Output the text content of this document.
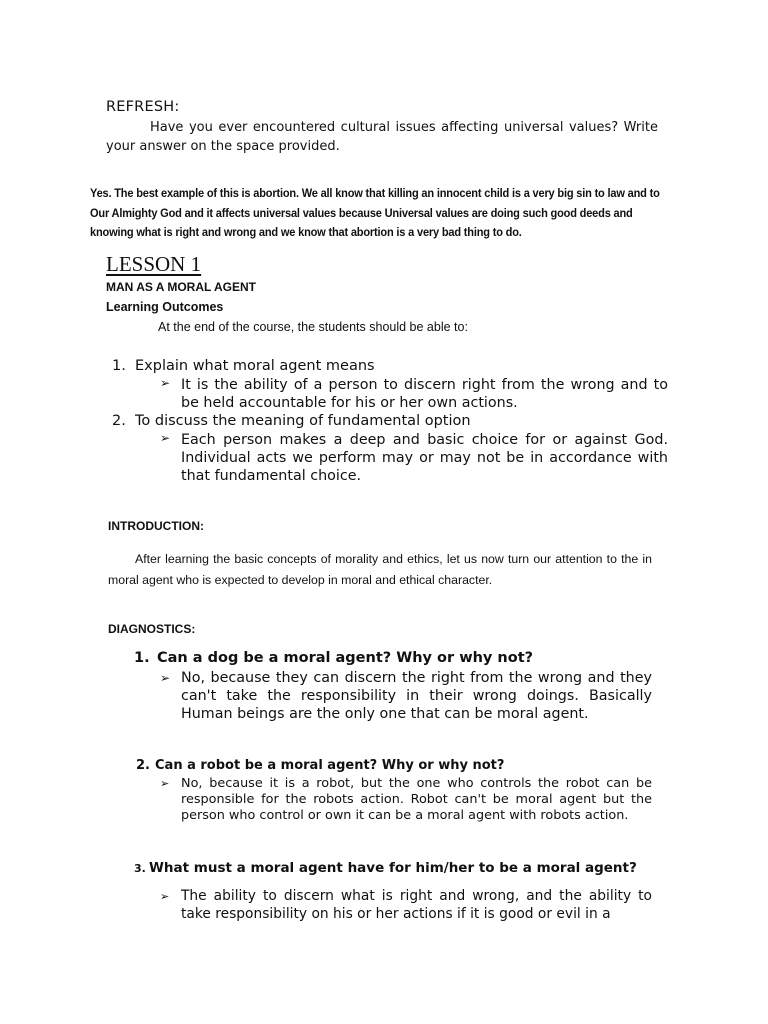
REFRESH:
Have you ever encountered cultural issues affecting universal values? Write your answer on the space provided.
Yes. The best example of this is abortion. We all know that killing an innocent child is a very big sin to law and to Our Almighty God and it affects universal values because Universal values are doing such good deeds and knowing what is right and wrong and we know that abortion is a very bad thing to do.
LESSON 1
MAN AS A MORAL AGENT
Learning Outcomes
At the end of the course, the students should be able to:
1. Explain what moral agent means
➢ It is the ability of a person to discern right from the wrong and to be held accountable for his or her own actions.
2. To discuss the meaning of fundamental option
➢ Each person makes a deep and basic choice for or against God. Individual acts we perform may or may not be in accordance with that fundamental choice.
INTRODUCTION:
After learning the basic concepts of morality and ethics, let us now turn our attention to the in moral agent who is expected to develop in moral and ethical character.
DIAGNOSTICS:
1. Can a dog be a moral agent? Why or why not?
➢ No, because they can discern the right from the wrong and they can't take the responsibility in their wrong doings. Basically Human beings are the only one that can be moral agent.
2. Can a robot be a moral agent? Why or why not?
➢ No, because it is a robot, but the one who controls the robot can be responsible for the robots action. Robot can't be moral agent but the person who control or own it can be a moral agent with robots action.
3. What must a moral agent have for him/her to be a moral agent?
➢ The ability to discern what is right and wrong, and the ability to take responsibility on his or her actions if it is good or evil in a
